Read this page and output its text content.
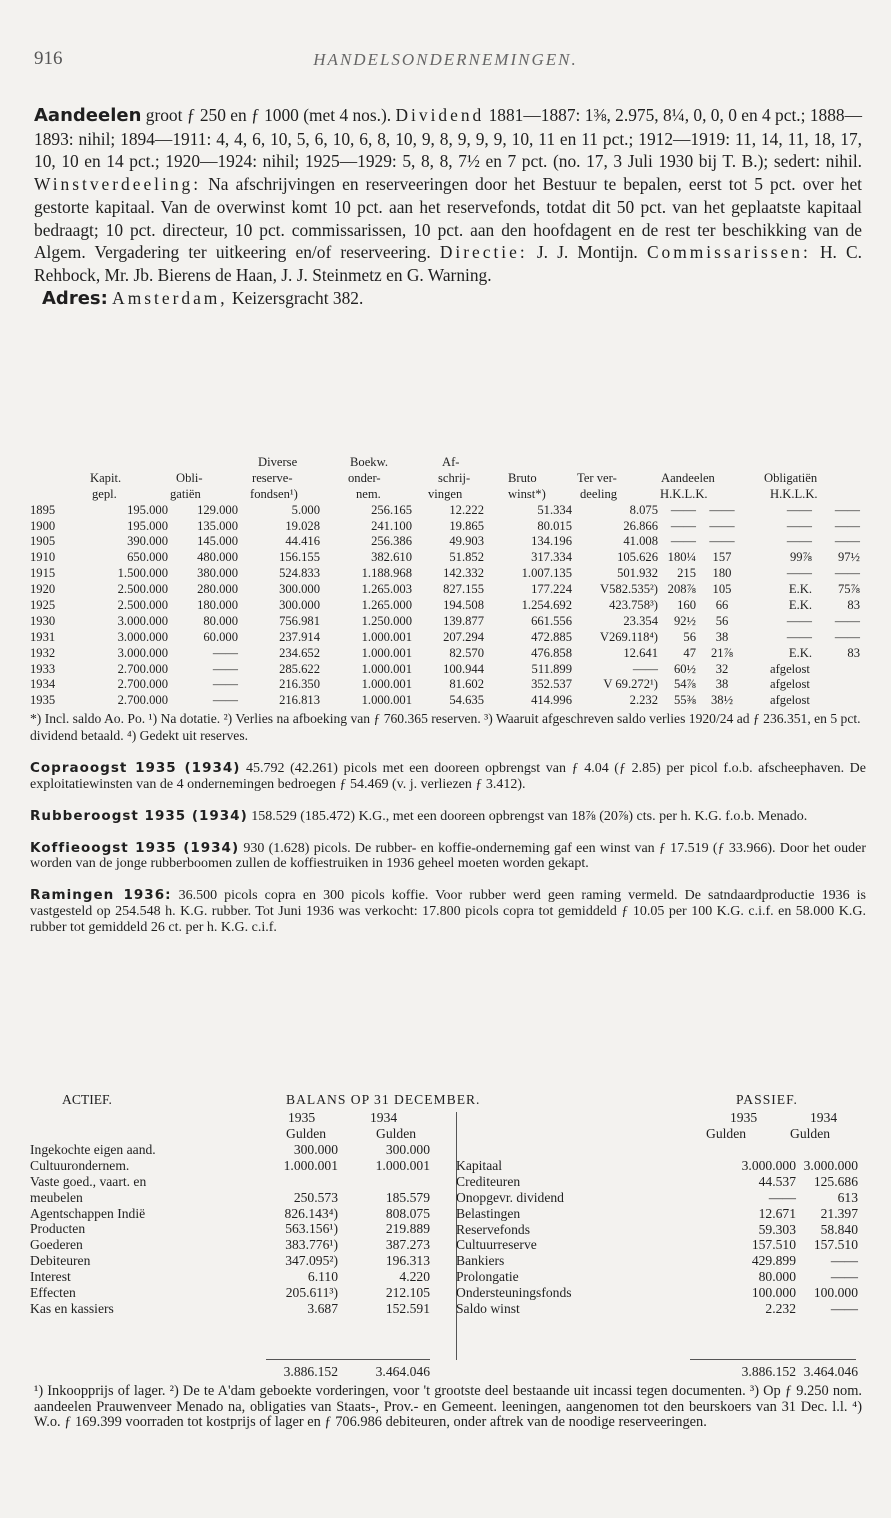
916	HANDELSONDERNEMINGEN.

Aandeelen groot ƒ 250 en ƒ 1000 (met 4 nos.). Dividend 1881—1887: 1⅜, 2.975, 8¼, 0, 0, 0 en 4 pct.; 1888—1893: nihil; 1894—1911: 4, 4, 6, 10, 5, 6, 10, 6, 8, 10, 9, 8, 9, 9, 9, 10, 11 en 11 pct.; 1912—1919: 11, 14, 11, 18, 17, 10, 10 en 14 pct.; 1920—1924: nihil; 1925—1929: 5, 8, 8, 7½ en 7 pct. (no. 17, 3 Juli 1930 bij T. B.); sedert: nihil. Winstverdeeling: Na afschrijvingen en reserveeringen door het Bestuur te bepalen, eerst tot 5 pct. over het gestorte kapitaal. Van de overwinst komt 10 pct. aan het reservefonds, totdat dit 50 pct. van het geplaatste kapitaal bedraagt; 10 pct. directeur, 10 pct. commissarissen, 10 pct. aan den hoofdagent en de rest ter beschikking van de Algem. Vergadering ter uitkeering en/of reserveering. Directie: J. J. Montijn. Commissarissen: H. C. Rehbock, Mr. Jb. Bierens de Haan, J. J. Steinmetz en G. Warning.
Adres: Amsterdam, Keizersgracht 382.

Diverse	Boekw.	Af-
Kapit.	Obli-	reserve-	onder-	schrij-	Bruto	Ter ver-	Aandeelen	Obligatiën
gepl.	gatiën	fondsen¹)	nem.	vingen	winst*)	deeling	H.K.L.K.	H.K.L.K.
1895	195.000	129.000	5.000	256.165	12.222	51.334	8.075	——	——	——	——
1900	195.000	135.000	19.028	241.100	19.865	80.015	26.866	——	——	——	——
1905	390.000	145.000	44.416	256.386	49.903	134.196	41.008	——	——	——	——
1910	650.000	480.000	156.155	382.610	51.852	317.334	105.626 180¼	157	99⅞	97½
1915	1.500.000	380.000	524.833	1.188.968	142.332	1.007.135	501.932	215	180	——	——
1920	2.500.000	280.000	300.000	1.265.003	827.155	177.224	V582.535²) 208⅞	105	E.K.	75⅞
1925	2.500.000	180.000	300.000	1.265.000	194.508	1.254.692	423.758³)	160	66	E.K.	83
1930	3.000.000	80.000	756.981	1.250.000	139.877	661.556	23.354	92½	56	——	——
1931	3.000.000	60.000	237.914	1.000.001	207.294	472.885	V269.118⁴)	56	38	——	——
1932	3.000.000	——	234.652	1.000.001	82.570	476.858	12.641	47	21⅞	E.K.	83
1933	2.700.000	——	285.622	1.000.001	100.944	511.899	——	60½	32	afgelost
1934	2.700.000	——	216.350	1.000.001	81.602	352.537	V 69.272¹)	54⅞	38	afgelost
1935	2.700.000	——	216.813	1.000.001	54.635	414.996	2.232	55⅜	38½	afgelost

*) Incl. saldo Ao. Po. ¹) Na dotatie. ²) Verlies na afboeking van ƒ 760.365 reserven. ³) Waaruit afgeschreven saldo verlies 1920/24 ad ƒ 236.351, en 5 pct. dividend betaald. ⁴) Gedekt uit reserves.

Copraoogst 1935 (1934) 45.792 (42.261) picols met een dooreen opbrengst van ƒ 4.04 (ƒ 2.85) per picol f.o.b. afscheephaven. De exploitatiewinsten van de 4 ondernemingen bedroegen ƒ 54.469 (v. j. verliezen ƒ 3.412).

Rubberoogst 1935 (1934) 158.529 (185.472) K.G., met een dooreen opbrengst van 18⅞ (20⅞) cts. per h. K.G. f.o.b. Menado.

Koffieoogst 1935 (1934) 930 (1.628) picols. De rubber- en koffie-onderneming gaf een winst van ƒ 17.519 (ƒ 33.966). Door het ouder worden van de jonge rubberboomen zullen de koffiestruiken in 1936 geheel moeten worden gekapt.

Ramingen 1936: 36.500 picols copra en 300 picols koffie. Voor rubber werd geen raming vermeld. De satndaardproductie 1936 is vastgesteld op 254.548 h. K.G. rubber. Tot Juni 1936 was verkocht: 17.800 picols copra tot gemiddeld ƒ 10.05 per 100 K.G. c.i.f. en 58.000 K.G. rubber tot gemiddeld 26 ct. per h. K.G. c.i.f.

ACTIEF.	BALANS OP 31 DECEMBER.	PASSIEF.
1935	1934	1935	1934
Gulden	Gulden	Gulden	Gulden
Ingekochte eigen aand.	300.000	300.000
Cultuurondernem.	1.000.001	1.000.001
Vaste goed., vaart. en
meubelen	250.573	185.579
Agentschappen Indië	826.143⁴)	808.075
Producten	563.156¹)	219.889
Goederen	383.776¹)	387.273
Debiteuren	347.095²)	196.313
Interest	6.110	4.220
Effecten	205.611³)	212.105
Kas en kassiers	3.687	152.591
Kapitaal	3.000.000 3.000.000
Crediteuren	44.537	125.686
Onopgevr. dividend	——	613
Belastingen	12.671	21.397
Reservefonds	59.303	58.840
Cultuurreserve	157.510	157.510
Bankiers	429.899	——
Prolongatie	80.000	——
Ondersteuningsfonds	100.000	100.000
Saldo winst	2.232	——
3.886.152	3.464.046	3.886.152 3.464.046

¹) Inkoopprijs of lager. ²) De te A'dam geboekte vorderingen, voor 't grootste deel bestaande uit incassi tegen documenten. ³) Op ƒ 9.250 nom. aandeelen Prauwenveer Menado na, obligaties van Staats-, Prov.- en Gemeent. leeningen, aangenomen tot den beurskoers van 31 Dec. l.l. ⁴) W.o. ƒ 169.399 voorraden tot kostprijs of lager en ƒ 706.986 debiteuren, onder aftrek van de noodige reserveeringen.
